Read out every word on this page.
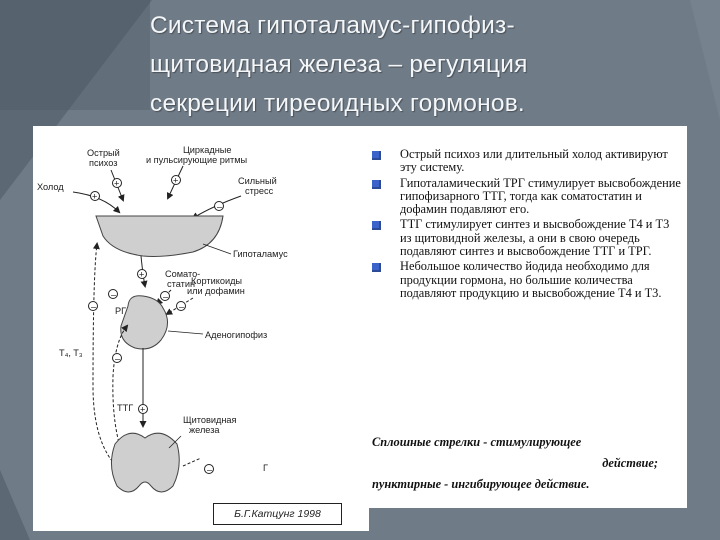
Система гипоталамус-гипофиз-
щитовидная железа – регуляция
секреции тиреоидных гормонов.
Острый
психоз
Циркадные
и пульсирующие ритмы
Холод
Сильный
стресс
+	+
+
–
Гипоталамус
+ Сомато-
статин
–
Кортикоиды
или дофамин
–
РГ
Аденогипофиз
–
–
–
T₄, T₃
ТТГ +
Щитовидная
железа
–	Г
Острый психоз или длительный холод активируют эту систему.
Гипоталамический ТРГ стимулирует высвобождение гипофизарного ТТГ, тогда как соматостатин и дофамин подавляют его.
ТТГ стимулирует синтез и высвобождение Т4 и Т3 из щитовидной железы, а они в свою очередь подавляют синтез и высвобождение ТТГ и ТРГ.
Небольшое количество йодида необходимо для продукции гормона, но большие количества подавляют продукцию и высвобождение Т4 и Т3.
Сплошные стрелки - стимулирующее
действие;
пунктирные - ингибирующее действие.
Б.Г.Катцунг 1998
